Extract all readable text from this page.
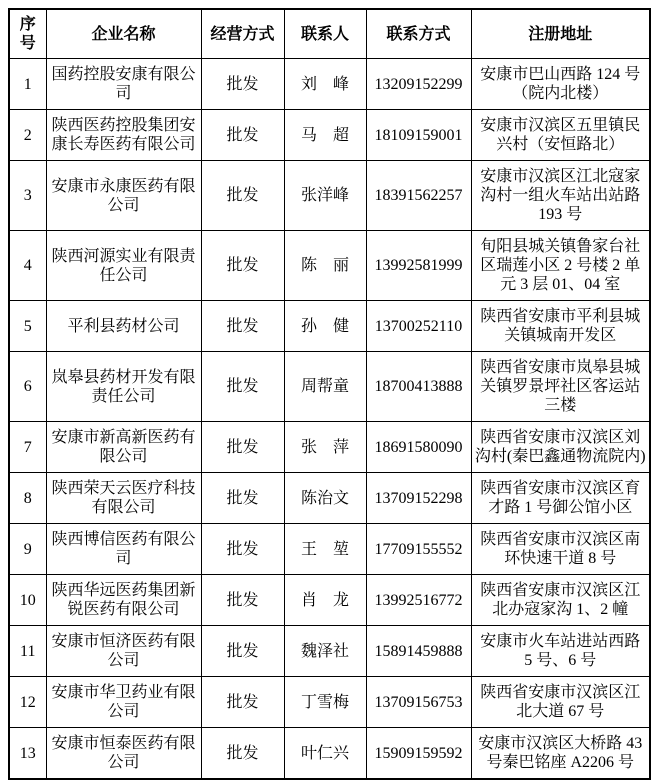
序号	企业名称	经营方式	联系人	联系方式	注册地址
1	国药控股安康有限公司	批发	刘　峰	13209152299	安康市巴山西路 124 号（院内北楼）
2	陕西医药控股集团安康长寿医药有限公司	批发	马　超	18109159001	安康市汉滨区五里镇民兴村（安恒路北）
3	安康市永康医药有限公司	批发	张洋峰	18391562257	安康市汉滨区江北寇家沟村一组火车站出站路 193 号
4	陕西河源实业有限责任公司	批发	陈　丽	13992581999	旬阳县城关镇鲁家台社区瑞莲小区 2 号楼 2 单元 3 层 01、04 室
5	平利县药材公司	批发	孙　健	13700252110	陕西省安康市平利县城关镇城南开发区
6	岚皋县药材开发有限责任公司	批发	周帮童	18700413888	陕西省安康市岚皋县城关镇罗景坪社区客运站三楼
7	安康市新高新医药有限公司	批发	张　萍	18691580090	陕西省安康市汉滨区刘沟村(秦巴鑫通物流院内)
8	陕西荣天云医疗科技有限公司	批发	陈治文	13709152298	陕西省安康市汉滨区育才路 1 号御公馆小区
9	陕西博信医药有限公司	批发	王　堃	17709155552	陕西省安康市汉滨区南环快速干道 8 号
10	陕西华远医药集团新锐医药有限公司	批发	肖　龙	13992516772	陕西省安康市汉滨区江北办寇家沟 1、2 幢
11	安康市恒济医药有限公司	批发	魏泽社	15891459888	安康市火车站进站西路 5 号、6 号
12	安康市华卫药业有限公司	批发	丁雪梅	13709156753	陕西省安康市汉滨区江北大道 67 号
13	安康市恒泰医药有限公司	批发	叶仁兴	15909159592	安康市汉滨区大桥路 43 号秦巴铭座 A2206 号
